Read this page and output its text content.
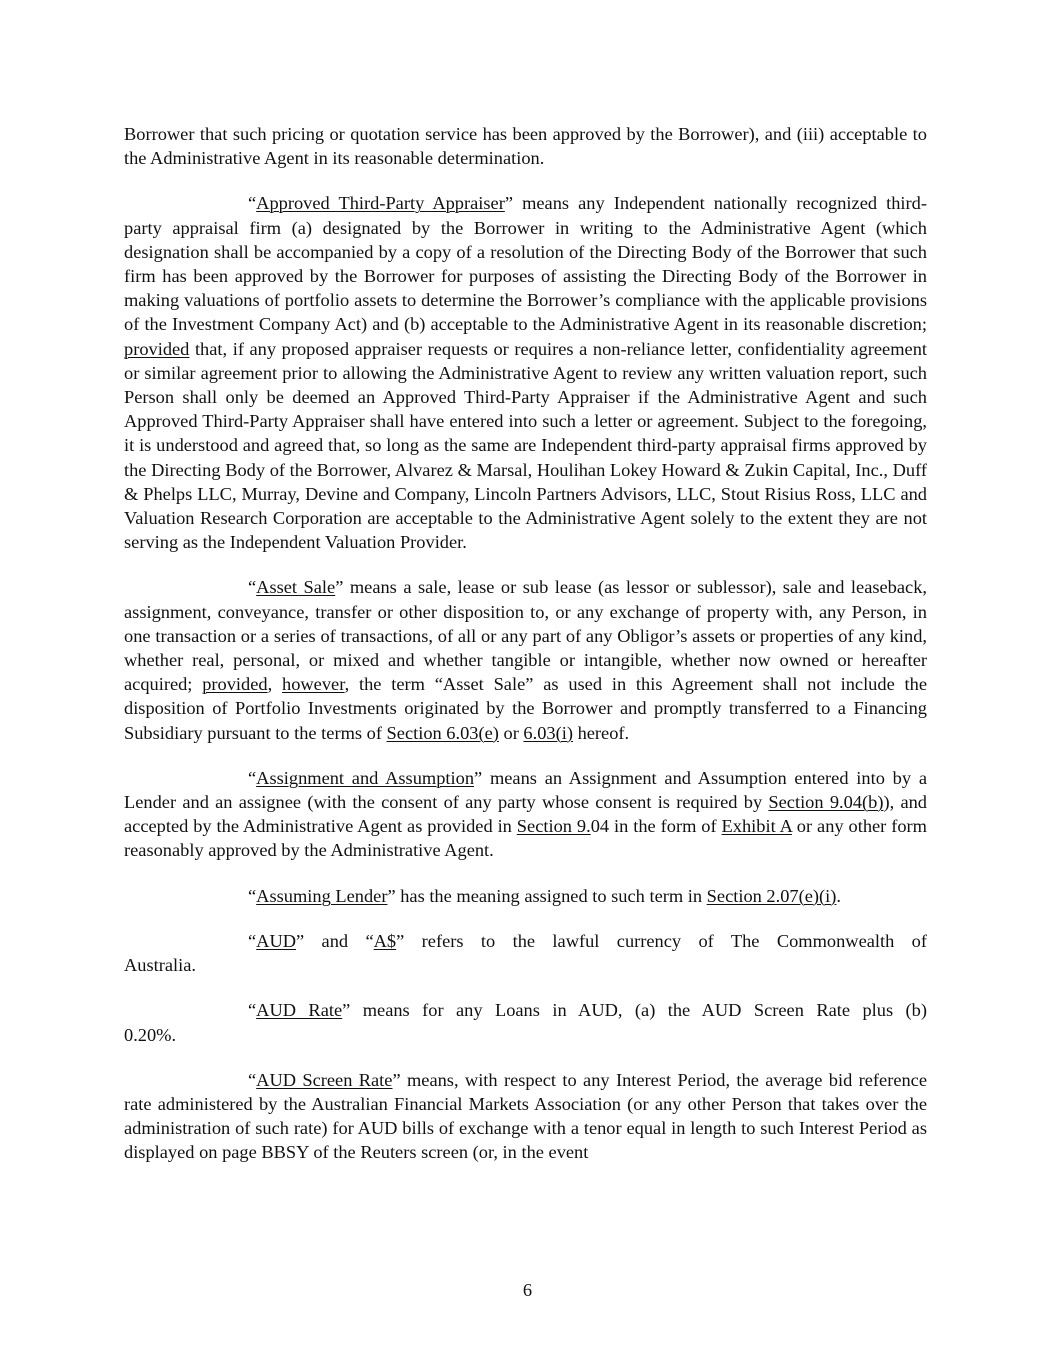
Borrower that such pricing or quotation service has been approved by the Borrower), and (iii) acceptable to the Administrative Agent in its reasonable determination.

“Approved Third-Party Appraiser” means any Independent nationally recognized third-party appraisal firm (a) designated by the Borrower in writing to the Administrative Agent (which designation shall be accompanied by a copy of a resolution of the Directing Body of the Borrower that such firm has been approved by the Borrower for purposes of assisting the Directing Body of the Borrower in making valuations of portfolio assets to determine the Borrower’s compliance with the applicable provisions of the Investment Company Act) and (b) acceptable to the Administrative Agent in its reasonable discretion; provided that, if any proposed appraiser requests or requires a non-reliance letter, confidentiality agreement or similar agreement prior to allowing the Administrative Agent to review any written valuation report, such Person shall only be deemed an Approved Third-Party Appraiser if the Administrative Agent and such Approved Third-Party Appraiser shall have entered into such a letter or agreement. Subject to the foregoing, it is understood and agreed that, so long as the same are Independent third-party appraisal firms approved by the Directing Body of the Borrower, Alvarez & Marsal, Houlihan Lokey Howard & Zukin Capital, Inc., Duff & Phelps LLC, Murray, Devine and Company, Lincoln Partners Advisors, LLC, Stout Risius Ross, LLC and Valuation Research Corporation are acceptable to the Administrative Agent solely to the extent they are not serving as the Independent Valuation Provider.

“Asset Sale” means a sale, lease or sub lease (as lessor or sublessor), sale and leaseback, assignment, conveyance, transfer or other disposition to, or any exchange of property with, any Person, in one transaction or a series of transactions, of all or any part of any Obligor’s assets or properties of any kind, whether real, personal, or mixed and whether tangible or intangible, whether now owned or hereafter acquired; provided, however, the term “Asset Sale” as used in this Agreement shall not include the disposition of Portfolio Investments originated by the Borrower and promptly transferred to a Financing Subsidiary pursuant to the terms of Section 6.03(e) or 6.03(i) hereof.

“Assignment and Assumption” means an Assignment and Assumption entered into by a Lender and an assignee (with the consent of any party whose consent is required by Section 9.04(b)), and accepted by the Administrative Agent as provided in Section 9.04 in the form of Exhibit A or any other form reasonably approved by the Administrative Agent.

“Assuming Lender” has the meaning assigned to such term in Section 2.07(e)(i).

“AUD” and “A$” refers to the lawful currency of The Commonwealth of
Australia.
“AUD Rate” means for any Loans in AUD, (a) the AUD Screen Rate plus (b)
0.20%.

“AUD Screen Rate” means, with respect to any Interest Period, the average bid reference rate administered by the Australian Financial Markets Association (or any other Person that takes over the administration of such rate) for AUD bills of exchange with a tenor equal in length to such Interest Period as displayed on page BBSY of the Reuters screen (or, in the event

6
